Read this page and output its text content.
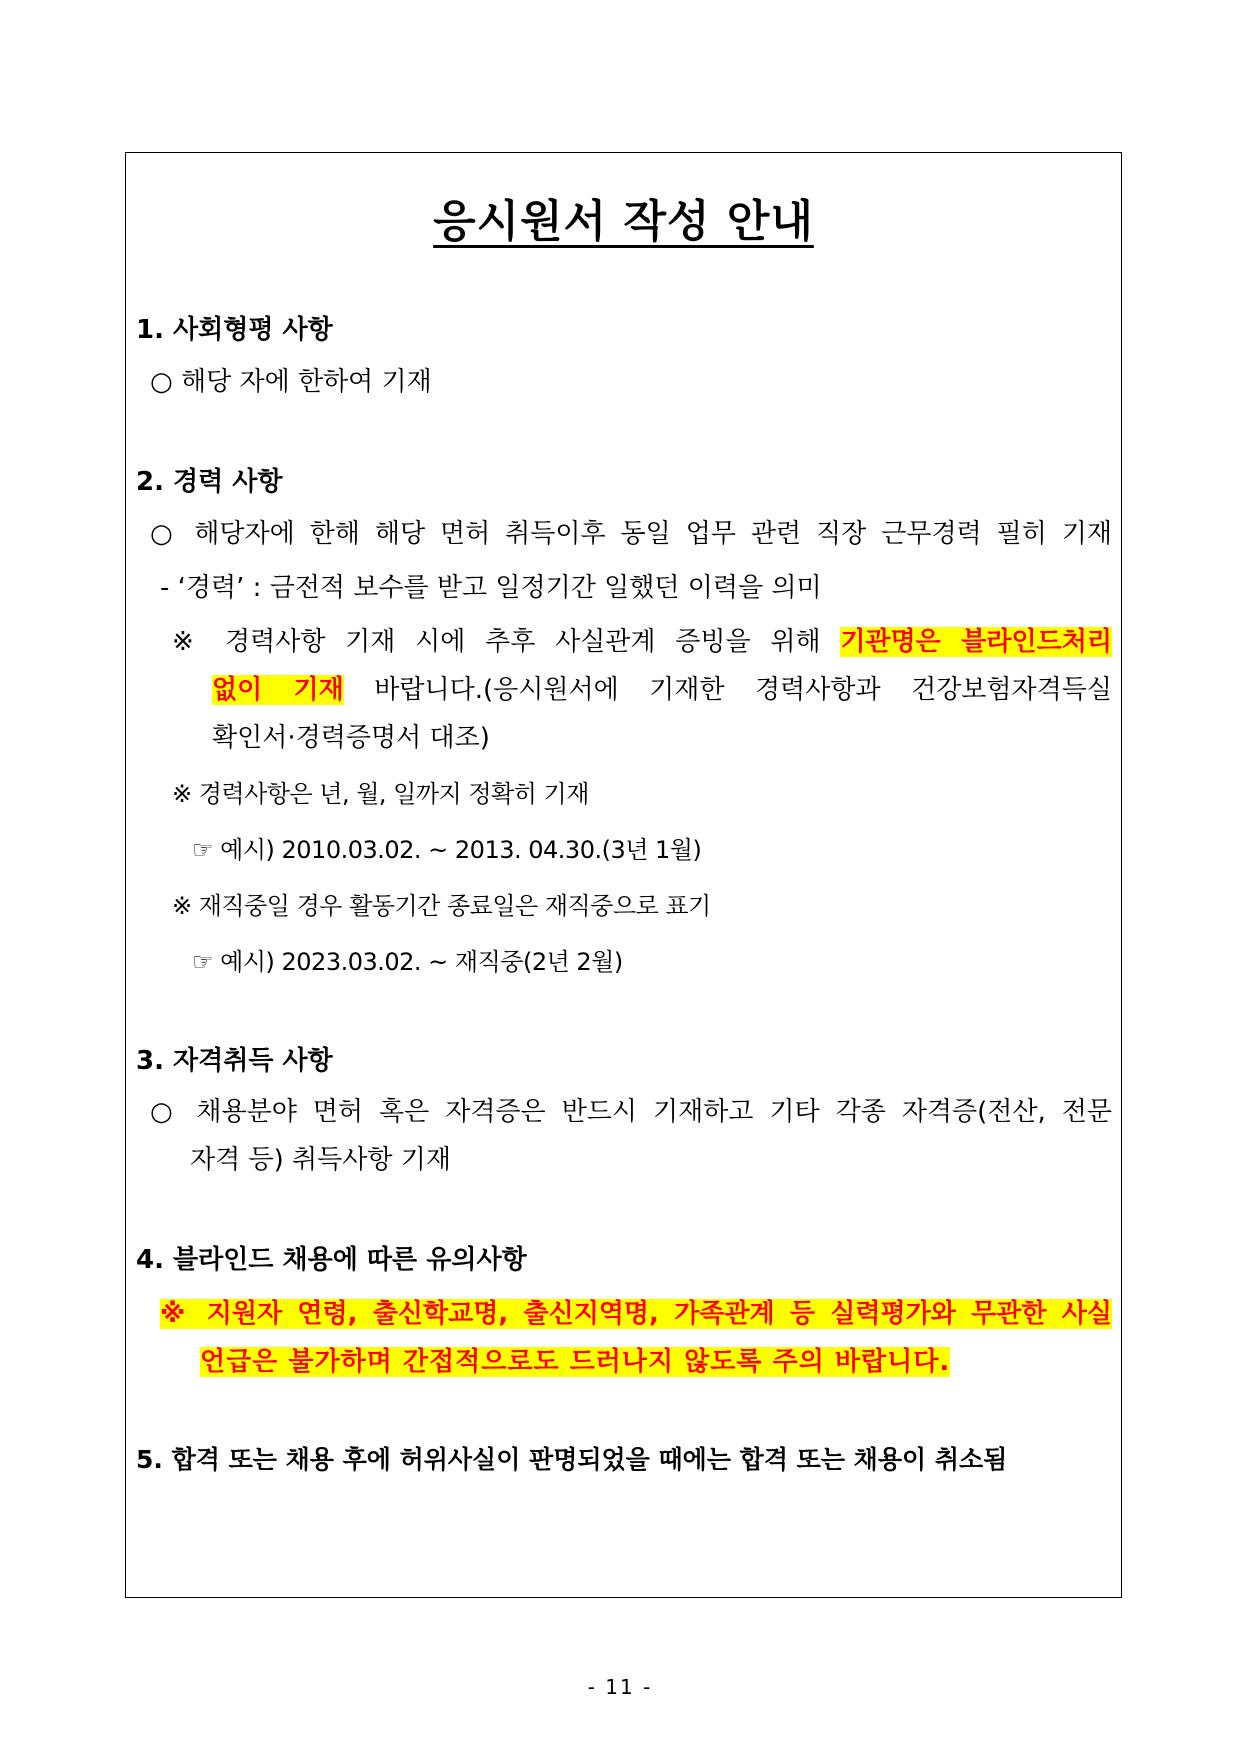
응시원서 작성 안내
1. 사회형평 사항
○ 해당 자에 한하여 기재
2. 경력 사항
○ 해당자에 한해 해당 면허 취득이후 동일 업무 관련 직장 근무경력 필히 기재
- ‘경력’ : 금전적 보수를 받고 일정기간 일했던 이력을 의미
※ 경력사항 기재 시에 추후 사실관계 증빙을 위해 기관명은 블라인드처리
없이 기재 바랍니다.(응시원서에 기재한 경력사항과 건강보험자격득실
확인서·경력증명서 대조)
※ 경력사항은 년, 월, 일까지 정확히 기재
☞ 예시) 2010.03.02. ~ 2013. 04.30.(3년 1월)
※ 재직중일 경우 활동기간 종료일은 재직중으로 표기
☞ 예시) 2023.03.02. ~ 재직중(2년 2월)
3. 자격취득 사항
○ 채용분야 면허 혹은 자격증은 반드시 기재하고 기타 각종 자격증(전산, 전문
자격 등) 취득사항 기재
4. 블라인드 채용에 따른 유의사항
※ 지원자 연령, 출신학교명, 출신지역명, 가족관계 등 실력평가와 무관한 사실
언급은 불가하며 간접적으로도 드러나지 않도록 주의 바랍니다.
5. 합격 또는 채용 후에 허위사실이 판명되었을 때에는 합격 또는 채용이 취소됨
- 11 -
